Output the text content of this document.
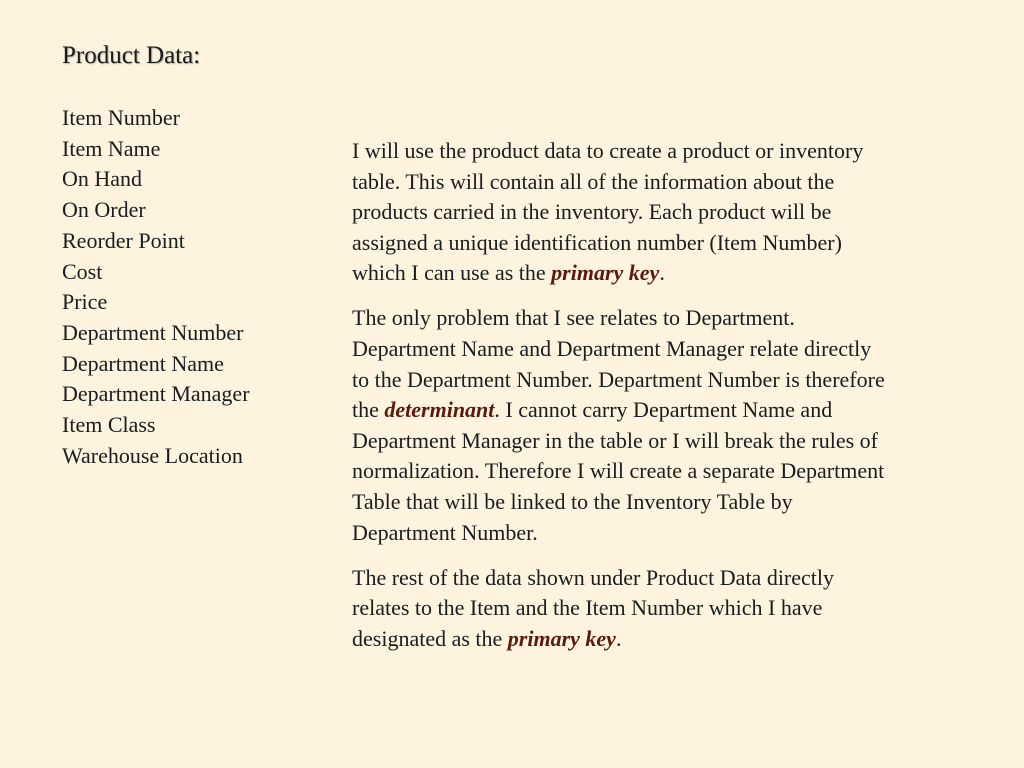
Product Data:
Item Number
Item Name
On Hand
On Order
Reorder Point
Cost
Price
Department Number
Department Name
Department Manager
Item Class
Warehouse Location

I will use the product data to create a product or inventory
table. This will contain all of the information about the
products carried in the inventory. Each product will be
assigned a unique identification number (Item Number)
which I can use as the primary key.

The only problem that I see relates to Department.
Department Name and Department Manager relate directly
to the Department Number. Department Number is therefore
the determinant. I cannot carry Department Name and
Department Manager in the table or I will break the rules of
normalization. Therefore I will create a separate Department
Table that will be linked to the Inventory Table by
Department Number.

The rest of the data shown under Product Data directly
relates to the Item and the Item Number which I have
designated as the primary key.
